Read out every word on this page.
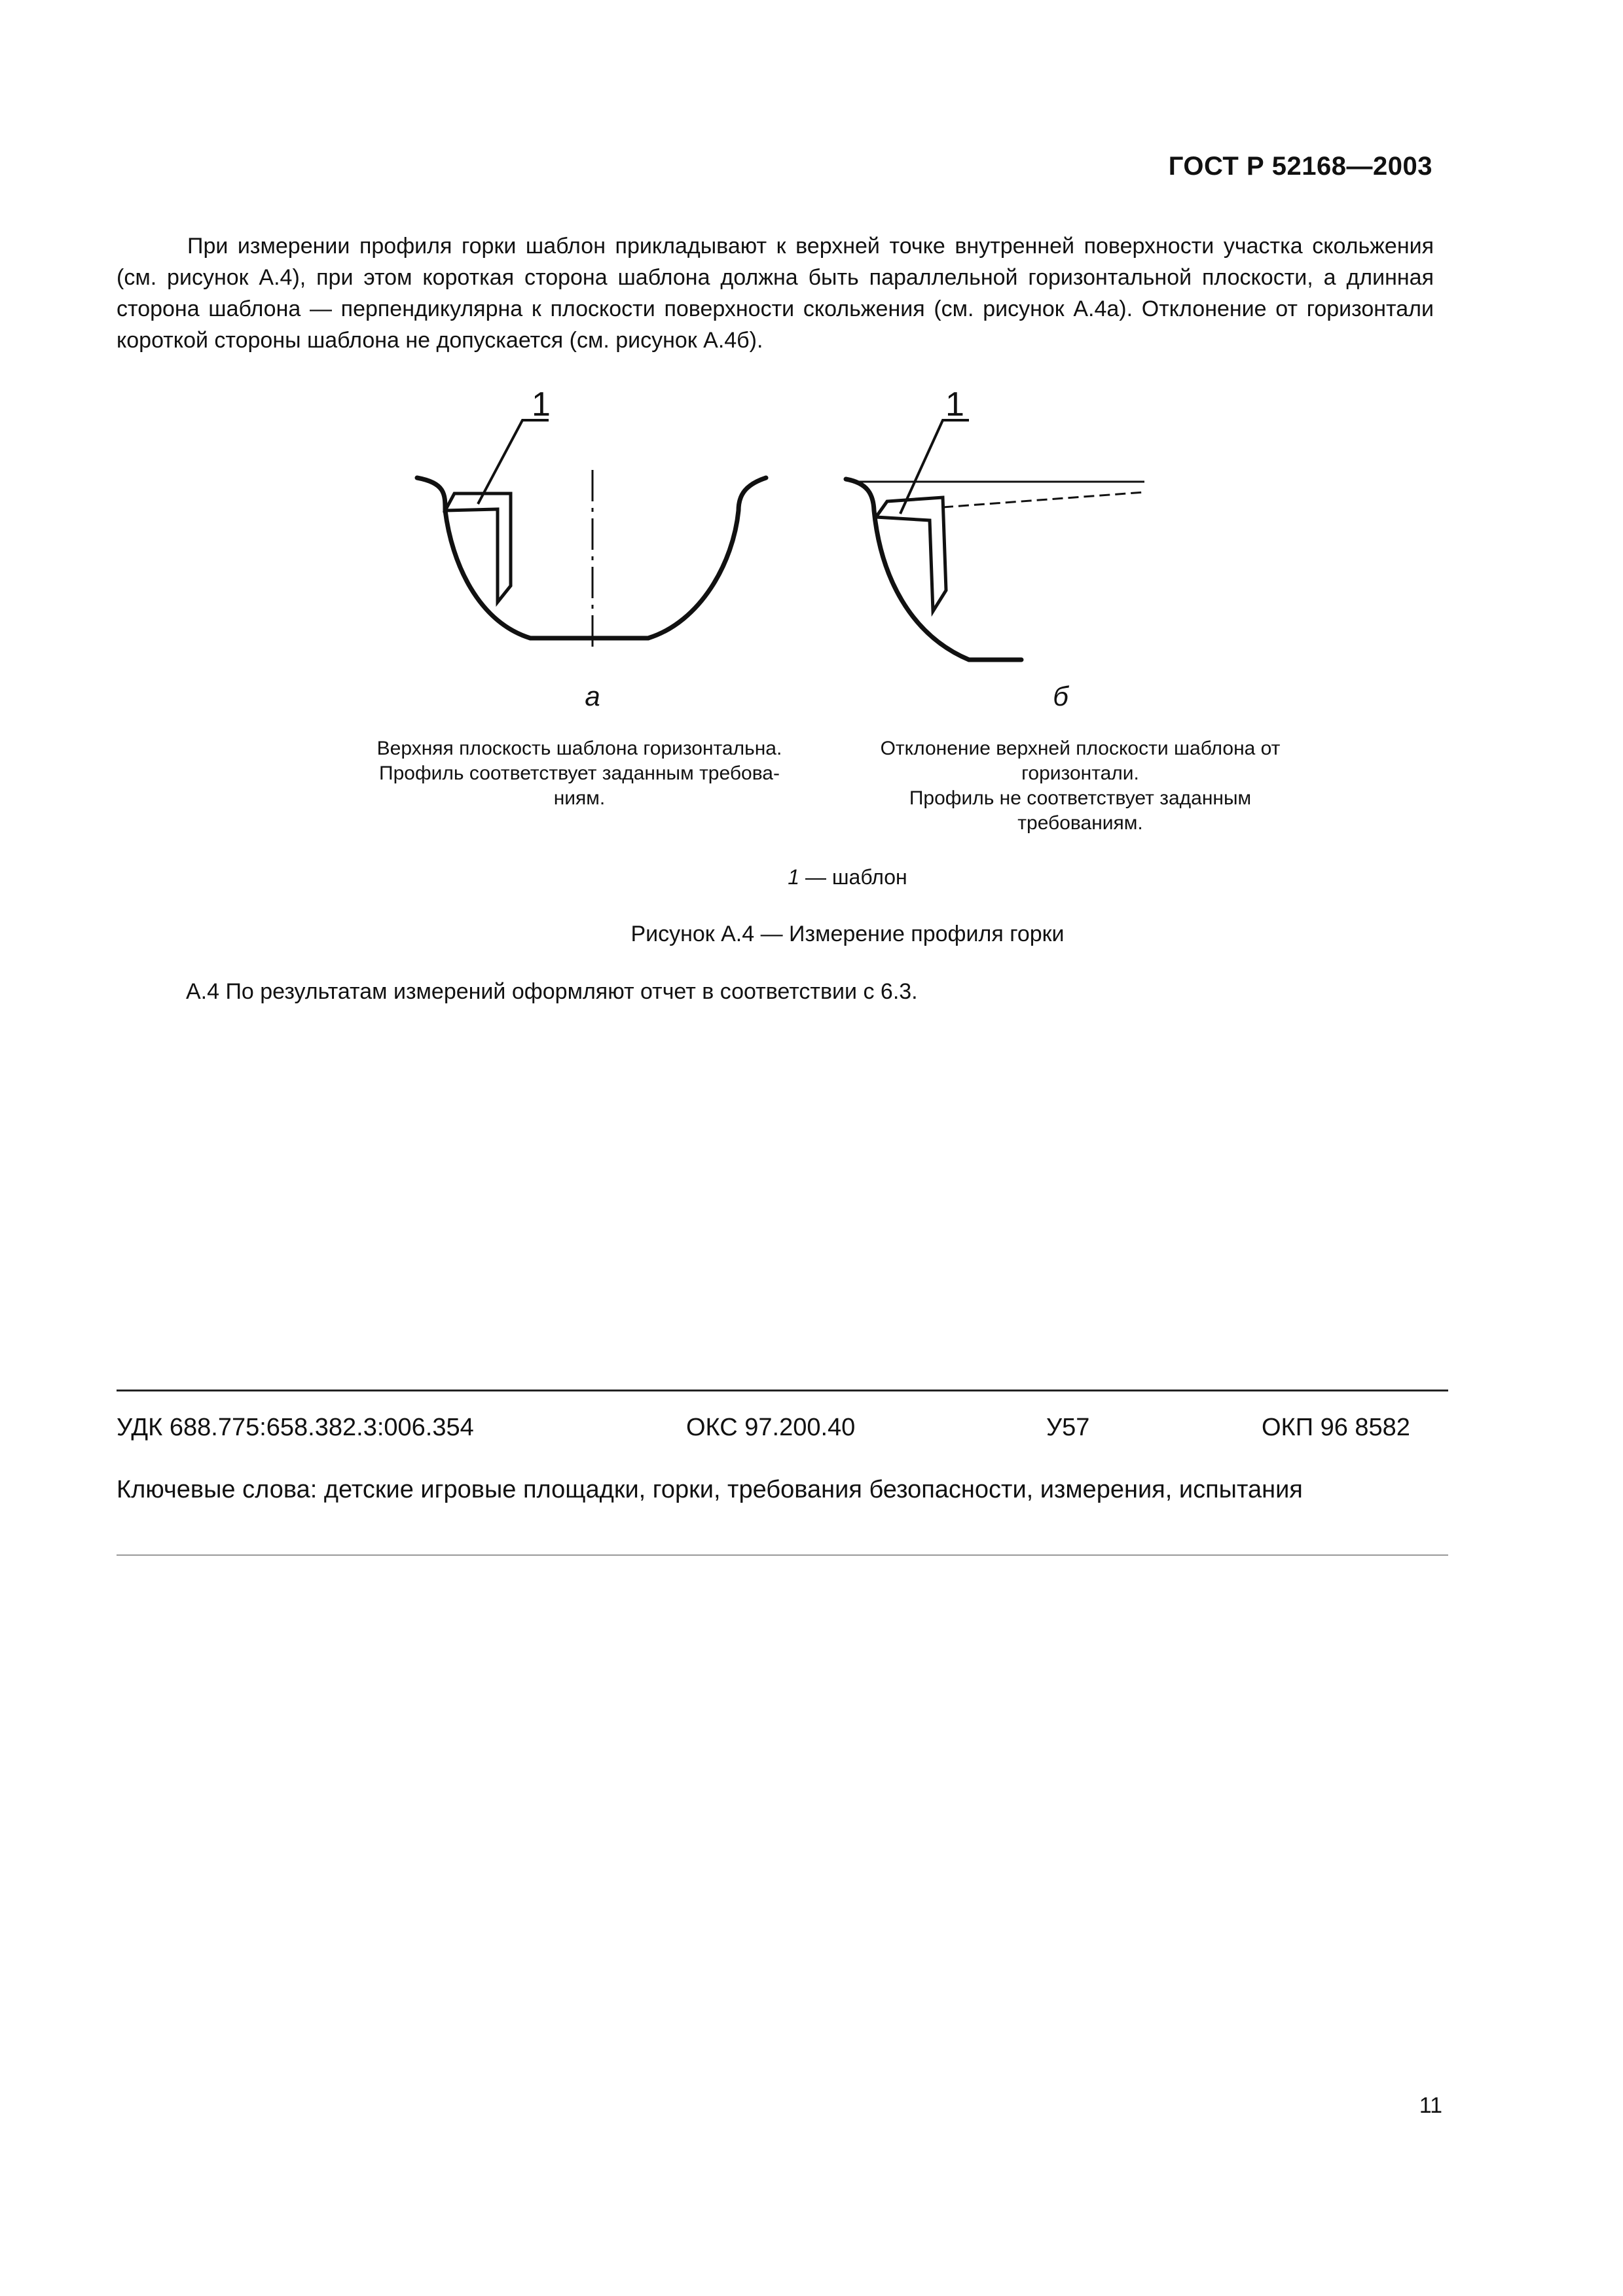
ГОСТ Р 52168—2003

При измерении профиля горки шаблон прикладывают к верхней точке внутренней поверхности участка скольжения (см. рисунок А.4), при этом короткая сторона шаблона должна быть параллельной горизонтальной плоскости, а длинная сторона шаблона — перпендикулярна к плоскости поверхности скольжения (см. рисунок А.4а). Отклонение от горизонтали короткой стороны шаблона не допускается (см. рисунок А.4б).

1	1
а	б
Верхняя плоскость шаблона горизонтальна.
Профиль соответствует заданным требова-
ниям.
Отклонение верхней плоскости шаблона от
горизонтали.
Профиль не соответствует заданным
требованиям.
1 — шаблон
Рисунок А.4 — Измерение профиля горки
А.4 По результатам измерений оформляют отчет в соответствии с 6.3.
УДК 688.775:658.382.3:006.354	ОКС 97.200.40	У57	ОКП 96 8582
Ключевые слова: детские игровые площадки, горки, требования безопасности, измерения, испытания
11
